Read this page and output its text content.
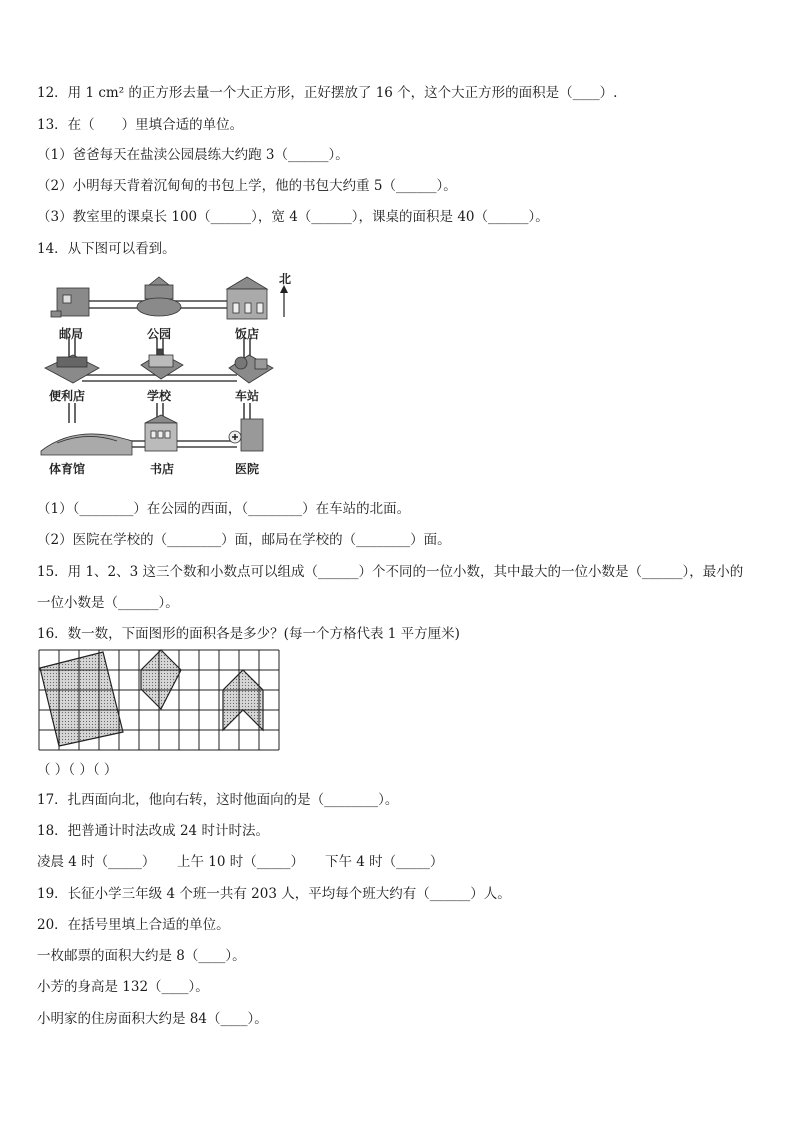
12．用 1 cm² 的正方形去量一个大正方形，正好摆放了 16 个，这个大正方形的面积是（____）.
13．在（　　）里填合适的单位。
（1）爸爸每天在盐渎公园晨练大约跑 3（______）。
（2）小明每天背着沉甸甸的书包上学，他的书包大约重 5（______）。
（3）教室里的课桌长 100（______），宽 4（______），课桌的面积是 40（______）。
14．从下图可以看到。
北
邮局	公园	饭店
便利店	学校	车站
体育馆	书店	医院
（1）（________）在公园的西面，（________）在车站的北面。
（2）医院在学校的（________）面，邮局在学校的（________）面。
15．用 1、2、3 这三个数和小数点可以组成（______）个不同的一位小数，其中最大的一位小数是（______），最小的
一位小数是（______）。
16．数一数，下面图形的面积各是多少？(每一个方格代表 1 平方厘米)
（ ）（ ）（ ）
17．扎西面向北，他向右转，这时他面向的是（________）。
18．把普通计时法改成 24 时计时法。
凌晨 4 时（_____） 上午 10 时（_____） 下午 4 时（_____）
19．长征小学三年级 4 个班一共有 203 人，平均每个班大约有（______）人。
20．在括号里填上合适的单位。
一枚邮票的面积大约是 8（____）。
小芳的身高是 132（____）。
小明家的住房面积大约是 84（____）。
